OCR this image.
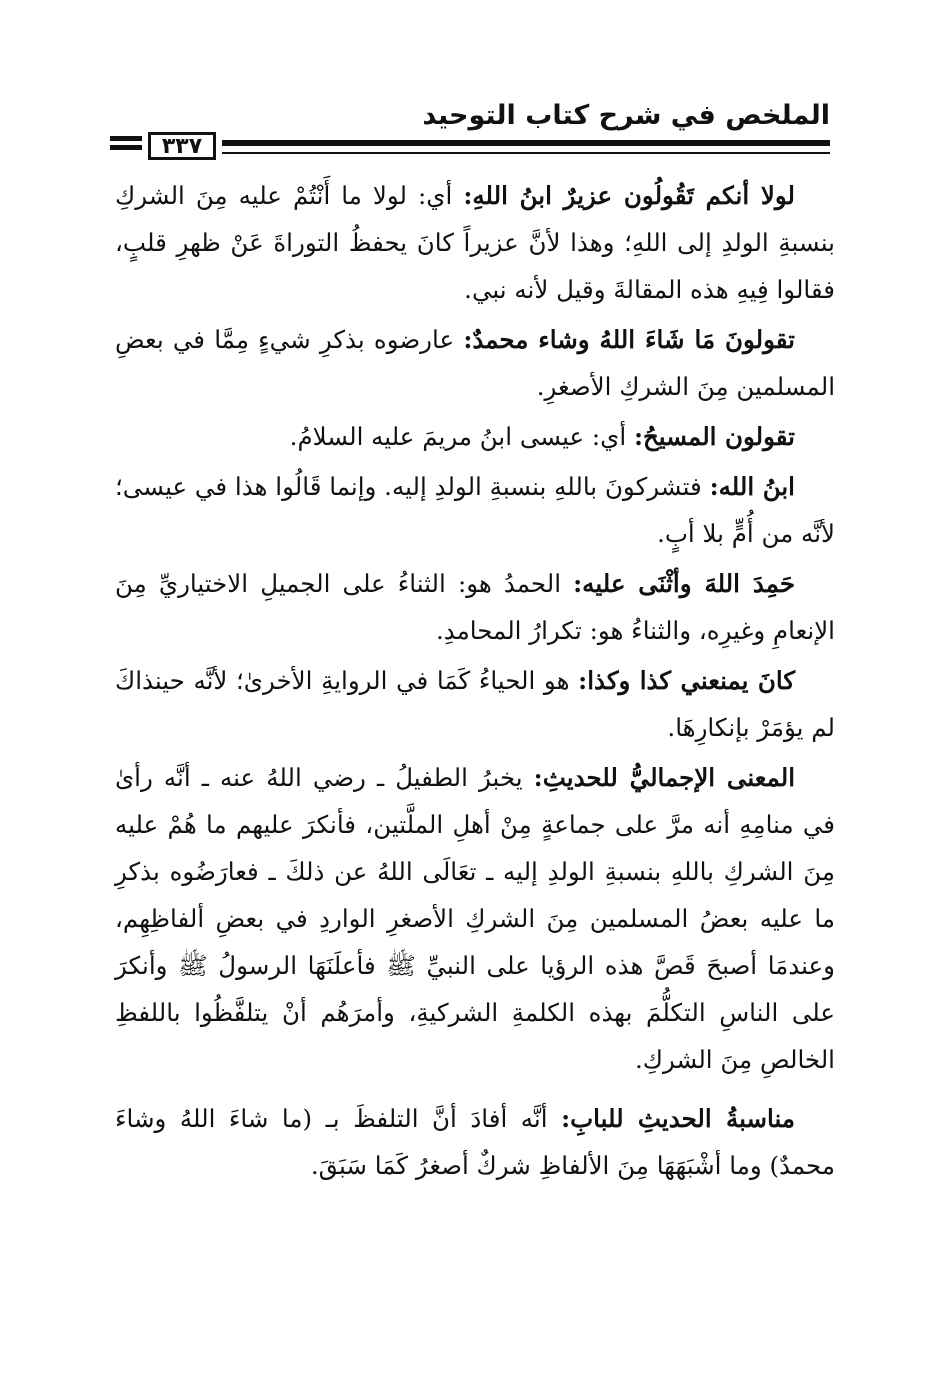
الملخص في شرح كتاب التوحيد
٣٣٧

لولا أنكم تَقُولُون عزيرٌ ابنُ اللهِ: أي: لولا ما أَنْتُمْ عليه مِنَ الشركِ بنسبةِ الولدِ إلى اللهِ؛ وهذا لأنَّ عزيراً كانَ يحفظُ التوراةَ عَنْ ظهرِ قلبٍ، فقالوا فِيهِ هذه المقالةَ وقيل لأنه نبي.

تقولونَ مَا شَاءَ اللهُ وشاء محمدٌ: عارضوه بذكرِ شيءٍ مِمَّا في بعضِ المسلمين مِنَ الشركِ الأصغرِ.

تقولون المسيحُ: أي: عيسى ابنُ مريمَ عليه السلامُ.

ابنُ الله: فتشركونَ باللهِ بنسبةِ الولدِ إليه. وإنما قَالُوا هذا في عيسى؛ لأنَّه من أُمٍّ بلا أبٍ.

حَمِدَ اللهَ وأثْنَى عليه: الحمدُ هو: الثناءُ على الجميلِ الاختياريِّ مِنَ الإنعامِ وغيرِه، والثناءُ هو: تكرارُ المحامدِ.

كانَ يمنعني كذا وكذا: هو الحياءُ كَمَا في الروايةِ الأخرىٰ؛ لأنَّه حينذاكَ لم يؤمَرْ بإنكارِهَا.

المعنى الإجماليُّ للحديثِ: يخبرُ الطفيلُ ـ رضي اللهُ عنه ـ أنَّه رأىٰ في منامِهِ أنه مرَّ على جماعةٍ مِنْ أهلِ الملَّتين، فأنكرَ عليهم ما هُمْ عليه مِنَ الشركِ باللهِ بنسبةِ الولدِ إليه ـ تعَالَى اللهُ عن ذلكَ ـ فعارَضُوه بذكرِ ما عليه بعضُ المسلمين مِنَ الشركِ الأصغرِ الواردِ في بعضِ ألفاظِهِم، وعندمَا أصبحَ قَصَّ هذه الرؤيا على النبيِّ ﷺ فأعلَنَهَا الرسولُ ﷺ وأنكرَ على الناسِ التكلُّمَ بهذه الكلمةِ الشركيةِ، وأمرَهُم أنْ يتلفَّظُوا باللفظِ الخالصِ مِنَ الشركِ.

مناسبةُ الحديثِ للبابِ: أنَّه أفادَ أنَّ التلفظَ بـ (ما شاءَ اللهُ وشاءَ محمدٌ) وما أشْبَهَهَا مِنَ الألفاظِ شركٌ أصغرُ كَمَا سَبَقَ.
